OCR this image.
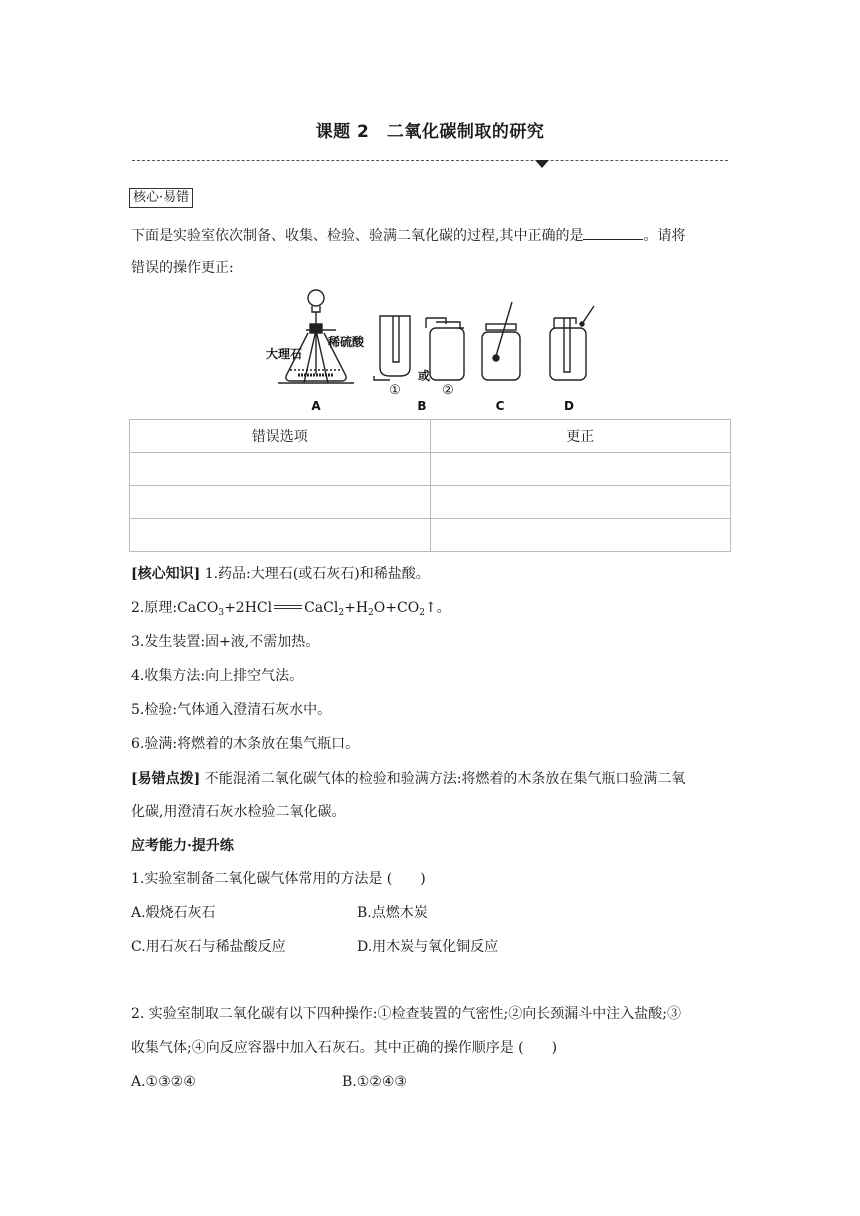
课题 2　二氧化碳制取的研究
核心·易错
下面是实验室依次制备、收集、检验、验满二氧化碳的过程,其中正确的是	。请将
错误的操作更正:
大理石
稀硫酸
A
①
或
B
②
C	D
错误选项	更正

[核心知识] 1.药品:大理石(或石灰石)和稀盐酸。
2.原理:CaCO$_3$+2HCl $CaCl_2+H_2O+CO_2↑$。
3.发生装置:固+液,不需加热。
4.收集方法:向上排空气法。
5.检验:气体通入澄清石灰水中。
6.验满:将燃着的木条放在集气瓶口。
[易错点拨] 不能混淆二氧化碳气体的检验和验满方法:将燃着的木条放在集气瓶口验满二氧
化碳,用澄清石灰水检验二氧化碳。
应考能力·提升练
1.实验室制备二氧化碳气体常用的方法是 (　　)
A.煅烧石灰石	B.点燃木炭
C.用石灰石与稀盐酸反应	D.用木炭与氧化铜反应
2. 实验室制取二氧化碳有以下四种操作:①检查装置的气密性;②向长颈漏斗中注入盐酸;③
收集气体;④向反应容器中加入石灰石。其中正确的操作顺序是 (　　)
A.①③②④	B.①②④③
